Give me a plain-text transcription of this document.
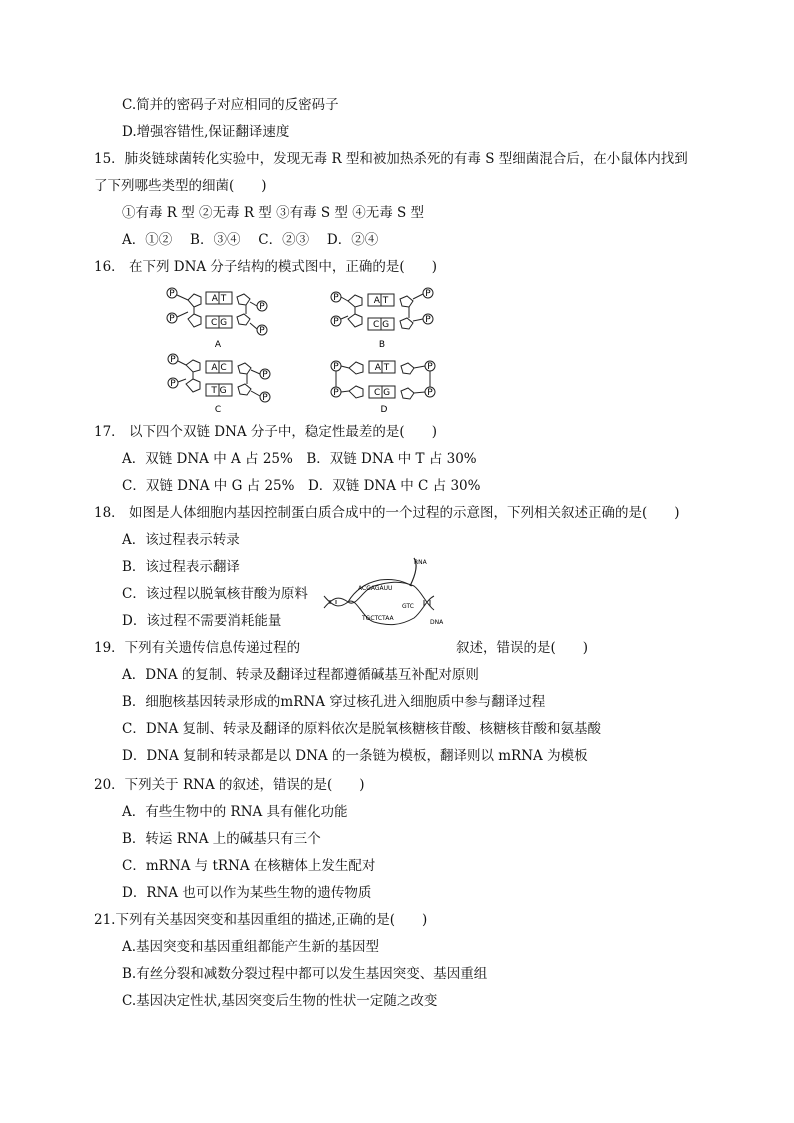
C.简并的密码子对应相同的反密码子
D.增强容错性,保证翻译速度
15．肺炎链球菌转化实验中，发现无毒 R 型和被加热杀死的有毒 S 型细菌混合后，在小鼠体内找到
了下列哪些类型的细菌(　　)
①有毒 R 型 ②无毒 R 型 ③有毒 S 型 ④无毒 S 型
A．①②　 B．③④　 C．②③　 D．②④
16． 在下列 DNA 分子结构的模式图中，正确的是(　　)
P
P
P
P
A T
C G
A
P
P
P
P
A T
C G
B
P
P
P
P
A C
T G
C
P
P
P
P
A T
C G
D
17． 以下四个双链 DNA 分子中，稳定性最差的是(　　)
A．双链 DNA 中 A 占 25%　B．双链 DNA 中 T 占 30%
C．双链 DNA 中 G 占 25%　D．双链 DNA 中 C 占 30%
18． 如图是人体细胞内基因控制蛋白质合成中的一个过程的示意图，下列相关叙述正确的是(　　)
A．该过程表示转录
B．该过程表示翻译
C．该过程以脱氧核苷酸为原料
D．该过程不需要消耗能量
RNA
DNA
ACGAGAUU
TGCTCTAA
GTC
19．下列有关遗传信息传递过程的	叙述，错误的是(　　)
A．DNA 的复制、转录及翻译过程都遵循碱基互补配对原则
B．细胞核基因转录形成的mRNA 穿过核孔进入细胞质中参与翻译过程
C．DNA 复制、转录及翻译的原料依次是脱氧核糖核苷酸、核糖核苷酸和氨基酸
D．DNA 复制和转录都是以 DNA 的一条链为模板，翻译则以 mRNA 为模板
20．下列关于 RNA 的叙述，错误的是(　　)
A．有些生物中的 RNA 具有催化功能
B．转运 RNA 上的碱基只有三个
C．mRNA 与 tRNA 在核糖体上发生配对
D．RNA 也可以作为某些生物的遗传物质
21.下列有关基因突变和基因重组的描述,正确的是(　　)
A.基因突变和基因重组都能产生新的基因型
B.有丝分裂和减数分裂过程中都可以发生基因突变、基因重组
C.基因决定性状,基因突变后生物的性状一定随之改变
